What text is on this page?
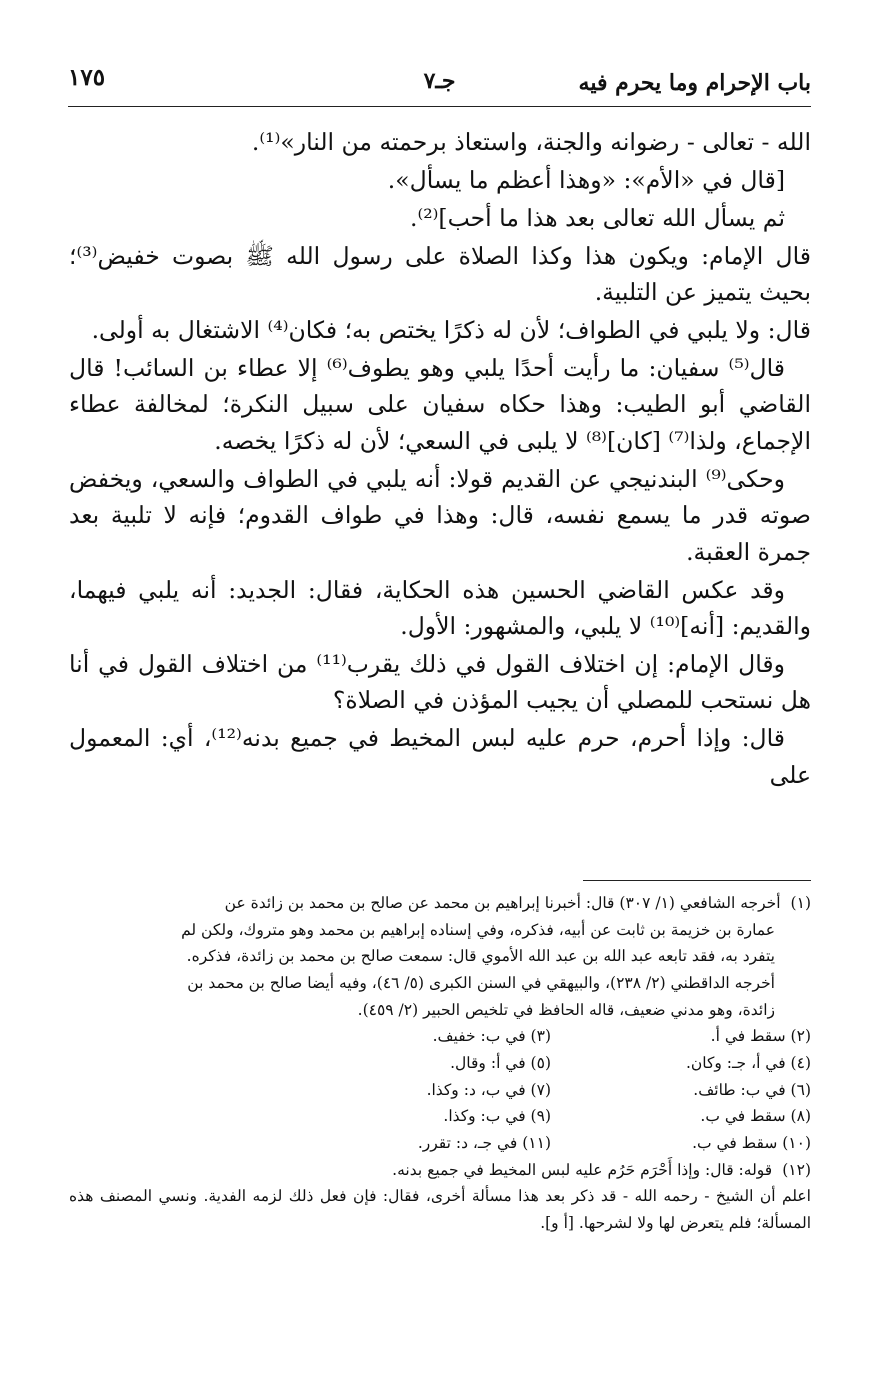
باب الإحرام وما يحرم فيه
جـ٧
١٧٥

الله - تعالى - رضوانه والجنة، واستعاذ برحمته من النار»⁽¹⁾.

[قال في «الأم»: «وهذا أعظم ما يسأل».

ثم يسأل الله تعالى بعد هذا ما أحب]⁽²⁾.

قال الإمام: ويكون هذا وكذا الصلاة على رسول الله ﷺ بصوت خفيض⁽³⁾؛ بحيث يتميز عن التلبية.

قال: ولا يلبي في الطواف؛ لأن له ذكرًا يختص به؛ فكان⁽⁴⁾ الاشتغال به أولى.

قال⁽⁵⁾ سفيان: ما رأيت أحدًا يلبي وهو يطوف⁽⁶⁾ إلا عطاء بن السائب! قال القاضي أبو الطيب: وهذا حكاه سفيان على سبيل النكرة؛ لمخالفة عطاء الإجماع، ولذا⁽⁷⁾ [كان]⁽⁸⁾ لا يلبى في السعي؛ لأن له ذكرًا يخصه.

وحكى⁽⁹⁾ البندنيجي عن القديم قولا: أنه يلبي في الطواف والسعي، ويخفض صوته قدر ما يسمع نفسه، قال: وهذا في طواف القدوم؛ فإنه لا تلبية بعد جمرة العقبة.

وقد عكس القاضي الحسين هذه الحكاية، فقال: الجديد: أنه يلبي فيهما، والقديم: [أنه]⁽¹⁰⁾ لا يلبي، والمشهور: الأول.

وقال الإمام: إن اختلاف القول في ذلك يقرب⁽¹¹⁾ من اختلاف القول في أنا هل نستحب للمصلي أن يجيب المؤذن في الصلاة؟

قال: وإذا أحرم، حرم عليه لبس المخيط في جميع بدنه⁽¹²⁾، أي: المعمول على

(١)أخرجه الشافعي (١/ ٣٠٧) قال: أخبرنا إبراهيم بن محمد عن صالح بن محمد بن زائدة عن

عمارة بن خزيمة بن ثابت عن أبيه، فذكره، وفي إسناده إبراهيم بن محمد وهو متروك، ولكن لم

يتفرد به، فقد تابعه عبد الله بن عبد الله الأموي قال: سمعت صالح بن محمد بن زائدة، فذكره.

أخرجه الداقطني (٢/ ٢٣٨)، والبيهقي في السنن الكبرى (٥/ ٤٦)، وفيه أيضا صالح بن محمد بن

زائدة، وهو مدني ضعيف، قاله الحافظ في تلخيص الحبير (٢/ ٤٥٩).

(٢) سقط في أ.
(٣) في ب: خفيف.
(٤) في أ، جـ: وكان.
(٥) في أ: وقال.
(٦) في ب: طائف.
(٧) في ب، د: وكذا.
(٨) سقط في ب.
(٩) في ب: وكذا.
(١٠) سقط في ب.
(١١) في جـ، د: تقرر.

(١٢)قوله: قال: وإذا أَحْرَم حَرُم عليه لبس المخيط في جميع بدنه.

اعلم أن الشيخ - رحمه الله - قد ذكر بعد هذا مسألة أخرى، فقال: فإن فعل ذلك لزمه الفدية. ونسي المصنف هذه المسألة؛ فلم يتعرض لها ولا لشرحها. [أ و].
